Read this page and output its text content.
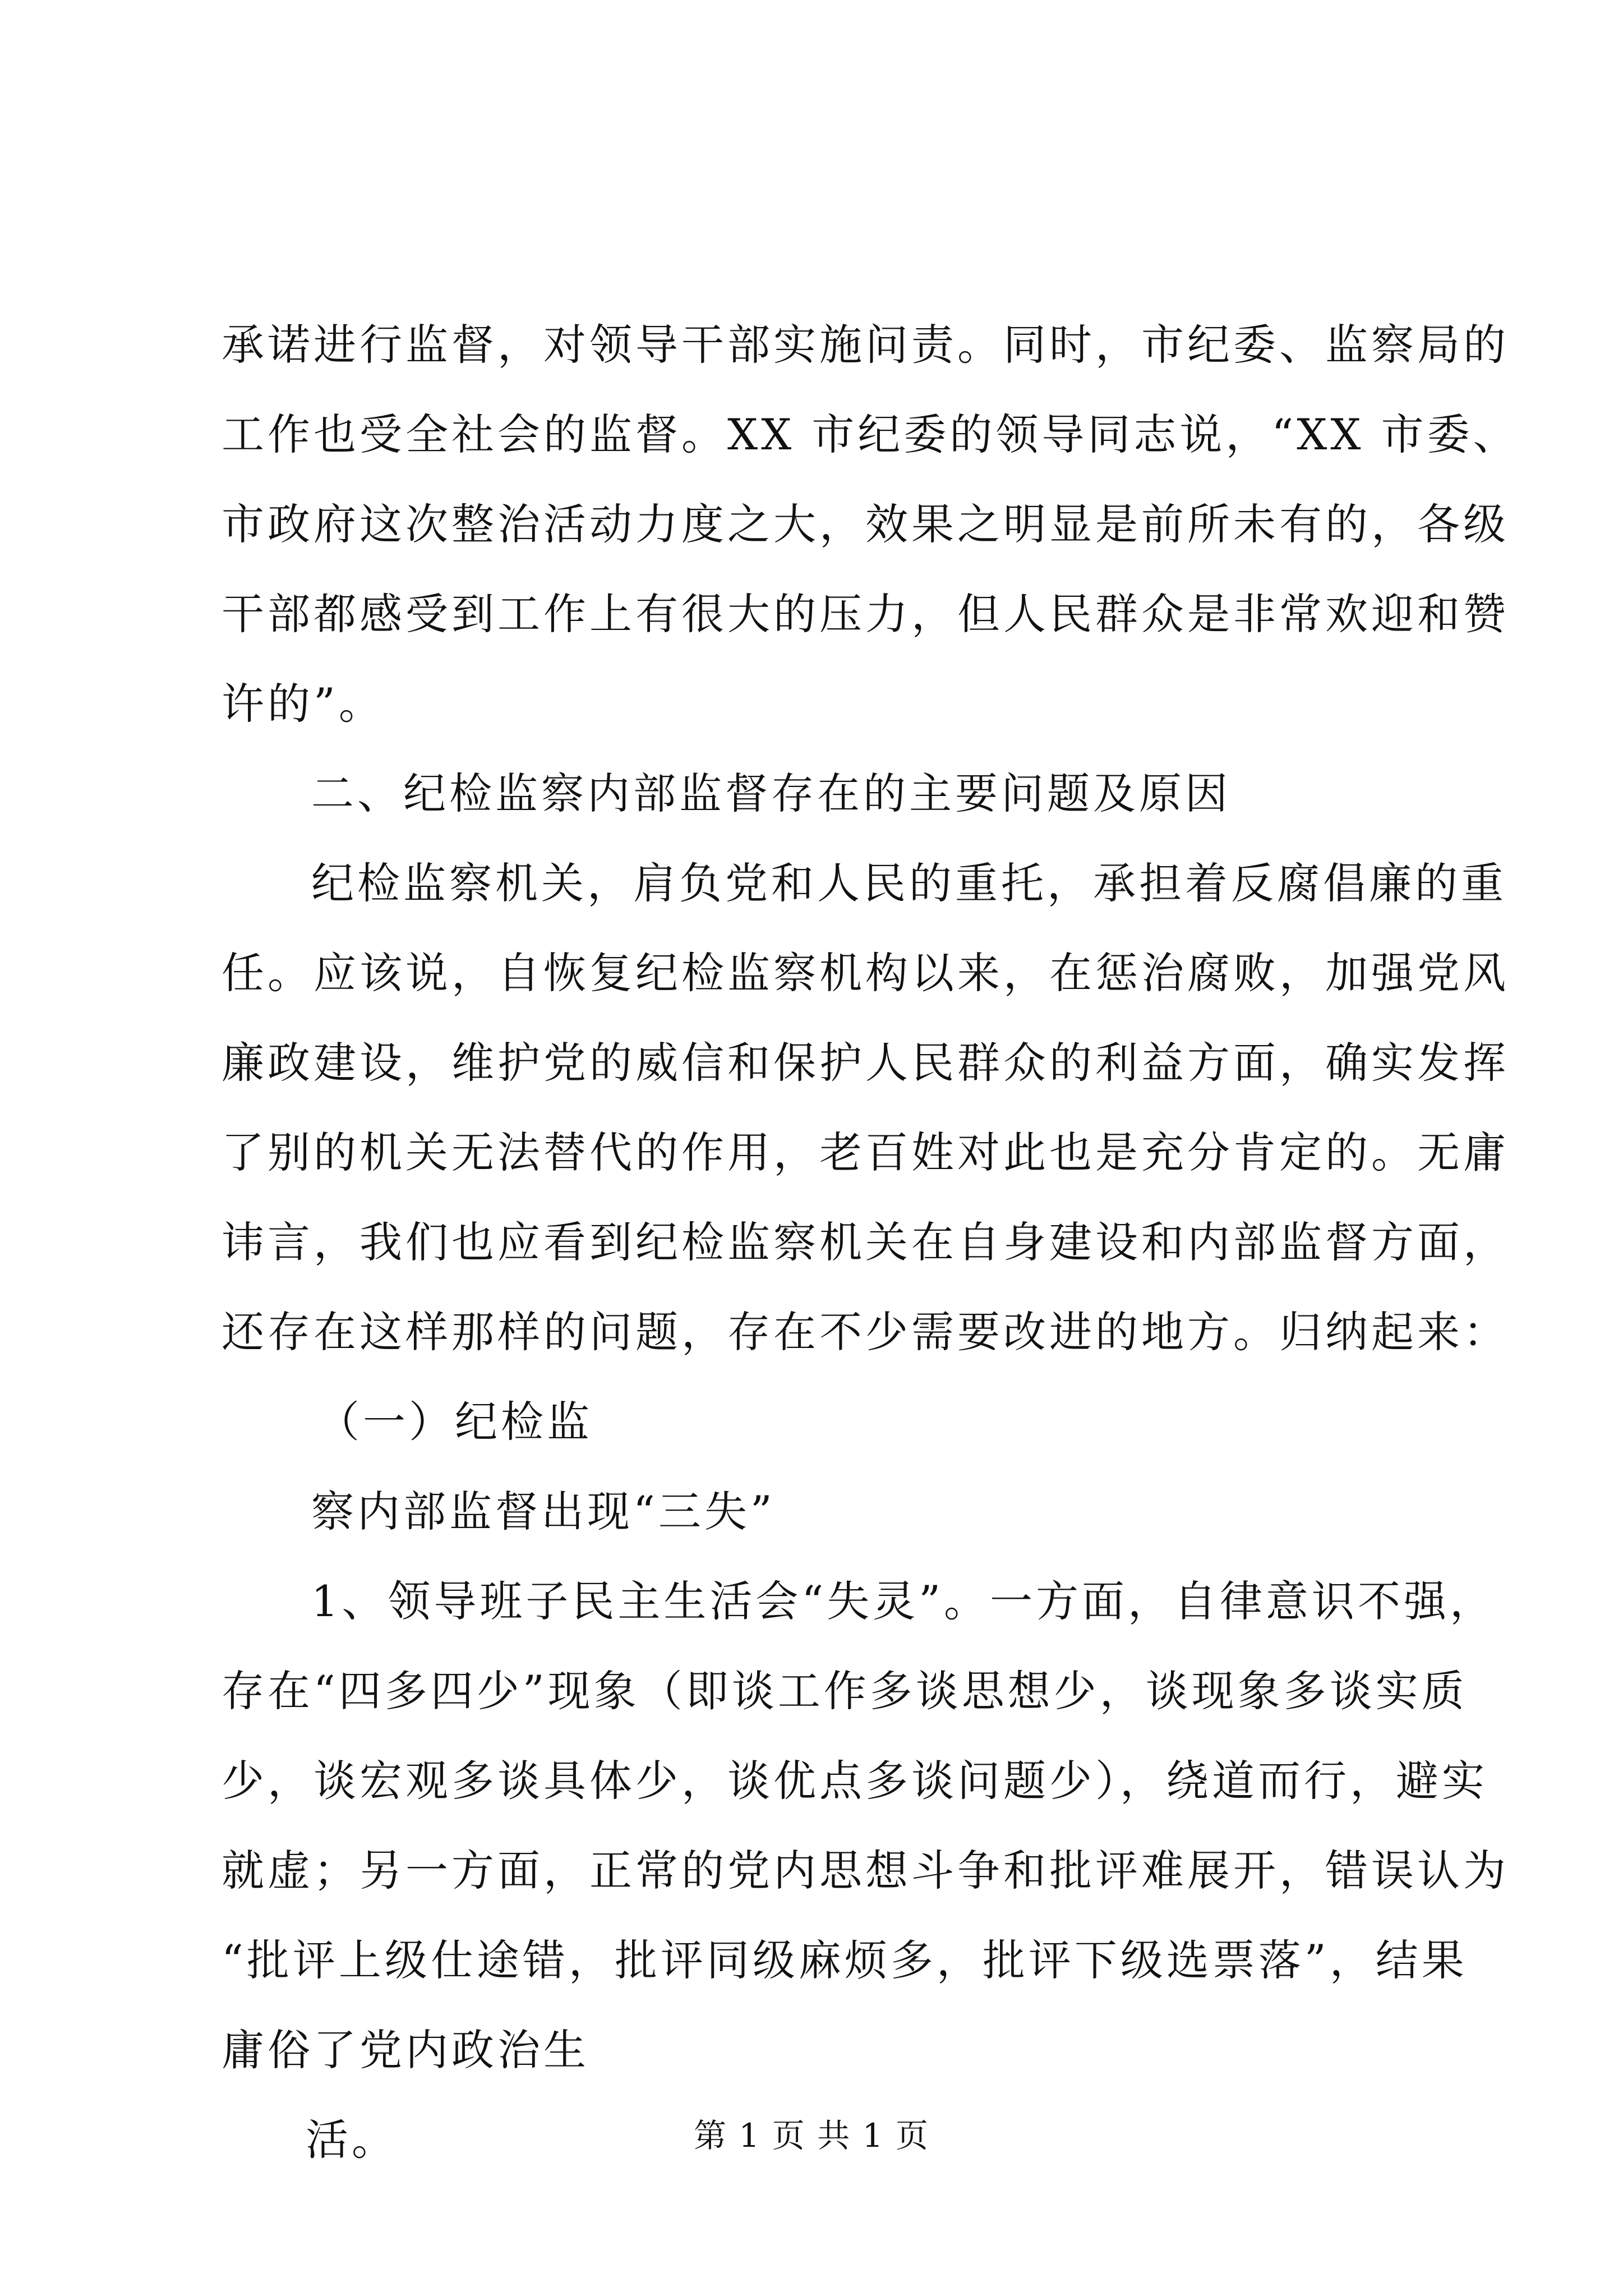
承诺进行监督，对领导干部实施问责。同时，市纪委、监察局的
工作也受全社会的监督。XX 市纪委的领导同志说，“XX 市委、
市政府这次整治活动力度之大，效果之明显是前所未有的，各级
干部都感受到工作上有很大的压力，但人民群众是非常欢迎和赞
许的”。
二、纪检监察内部监督存在的主要问题及原因
纪检监察机关，肩负党和人民的重托，承担着反腐倡廉的重
任。应该说，自恢复纪检监察机构以来，在惩治腐败，加强党风
廉政建设，维护党的威信和保护人民群众的利益方面，确实发挥
了别的机关无法替代的作用，老百姓对此也是充分肯定的。无庸
讳言，我们也应看到纪检监察机关在自身建设和内部监督方面，
还存在这样那样的问题，存在不少需要改进的地方。归纳起来：
（一）纪检监
察内部监督出现“三失”
1、领导班子民主生活会“失灵”。一方面，自律意识不强，
存在“四多四少”现象（即谈工作多谈思想少，谈现象多谈实质
少，谈宏观多谈具体少，谈优点多谈问题少），绕道而行，避实
就虚；另一方面，正常的党内思想斗争和批评难展开，错误认为
“批评上级仕途错，批评同级麻烦多，批评下级选票落”，结果
庸俗了党内政治生
活。	第 1 页 共 1 页
